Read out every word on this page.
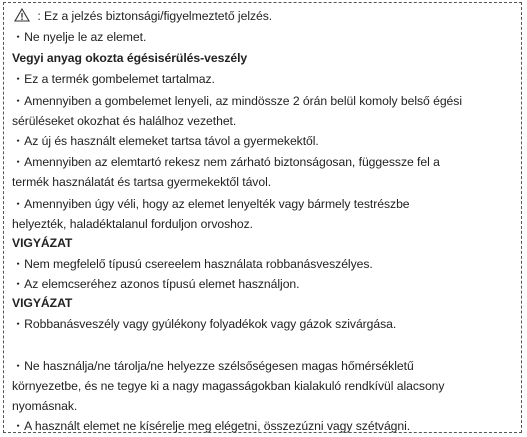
: Ez a jelzés biztonsági/figyelmeztető jelzés.
・Ne nyelje le az elemet.
Vegyi anyag okozta égésisérülés-veszély
・Ez a termék gombelemet tartalmaz.
・Amennyiben a gombelemet lenyeli, az mindössze 2 órán belül komoly belső égési
sérüléseket okozhat és halálhoz vezethet.
・Az új és használt elemeket tartsa távol a gyermekektől.
・Amennyiben az elemtartó rekesz nem zárható biztonságosan, függessze fel a
termék használatát és tartsa gyermekektől távol.
・Amennyiben úgy véli, hogy az elemet lenyelték vagy bármely testrészbe
helyezték, haladéktalanul forduljon orvoshoz.
VIGYÁZAT
・Nem megfelelő típusú csereelem használata robbanásveszélyes.
・Az elemcseréhez azonos típusú elemet használjon.
VIGYÁZAT
・Robbanásveszély vagy gyúlékony folyadékok vagy gázok szivárgása.
・Ne használja/ne tárolja/ne helyezze szélsőségesen magas hőmérsékletű
környezetbe, és ne tegye ki a nagy magasságokban kialakuló rendkívül alacsony
nyomásnak.
・A használt elemet ne kísérelje meg elégetni, összezúzni vagy szétvágni.
